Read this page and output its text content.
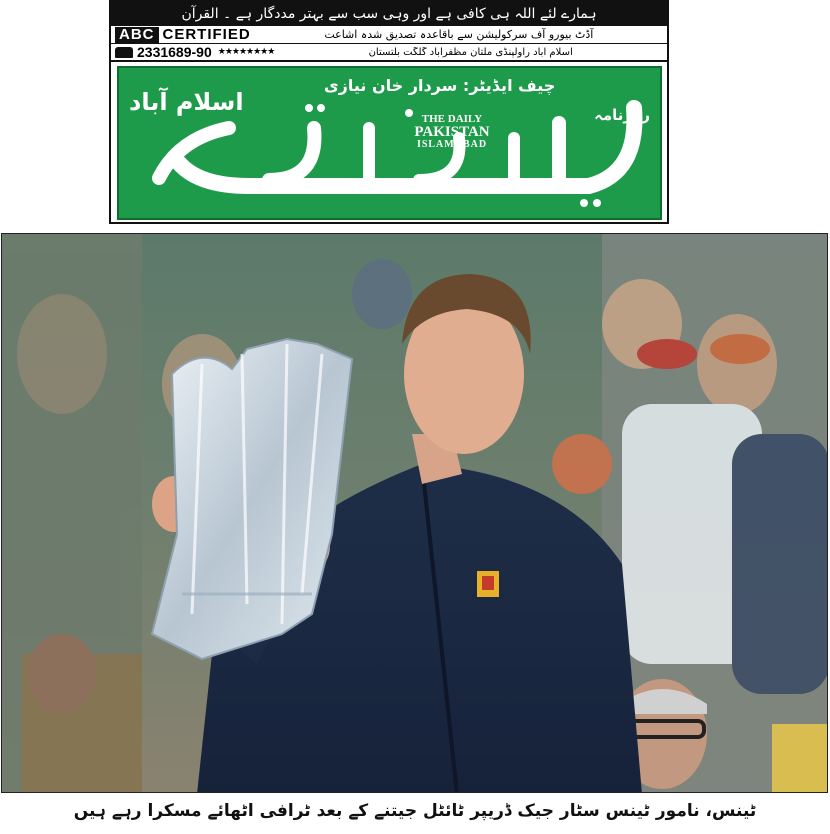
ہمارے لئے اللہ ہی کافی ہے اور وہی سب سے بہتر مددگار ہے ۔ القرآن
ABC CERTIFIED	آڈٹ بیورو آف سرکولیشن سے باقاعدہ تصدیق شدہ اشاعت
2331689-90 ★★★★★★★★	اسلام آباد راولپنڈی ملتان مظفرآباد گلگت بلتستان
چیف ایڈیٹر: سردار خان نیازی
اسلام آباد	روزنامہ
THE DAILY
PAKISTAN
ISLAMABAD
ٹینس، نامور ٹینس سٹار جیک ڈریپر ٹائٹل جیتنے کے بعد ٹرافی اٹھائے مسکرا رہے ہیں
